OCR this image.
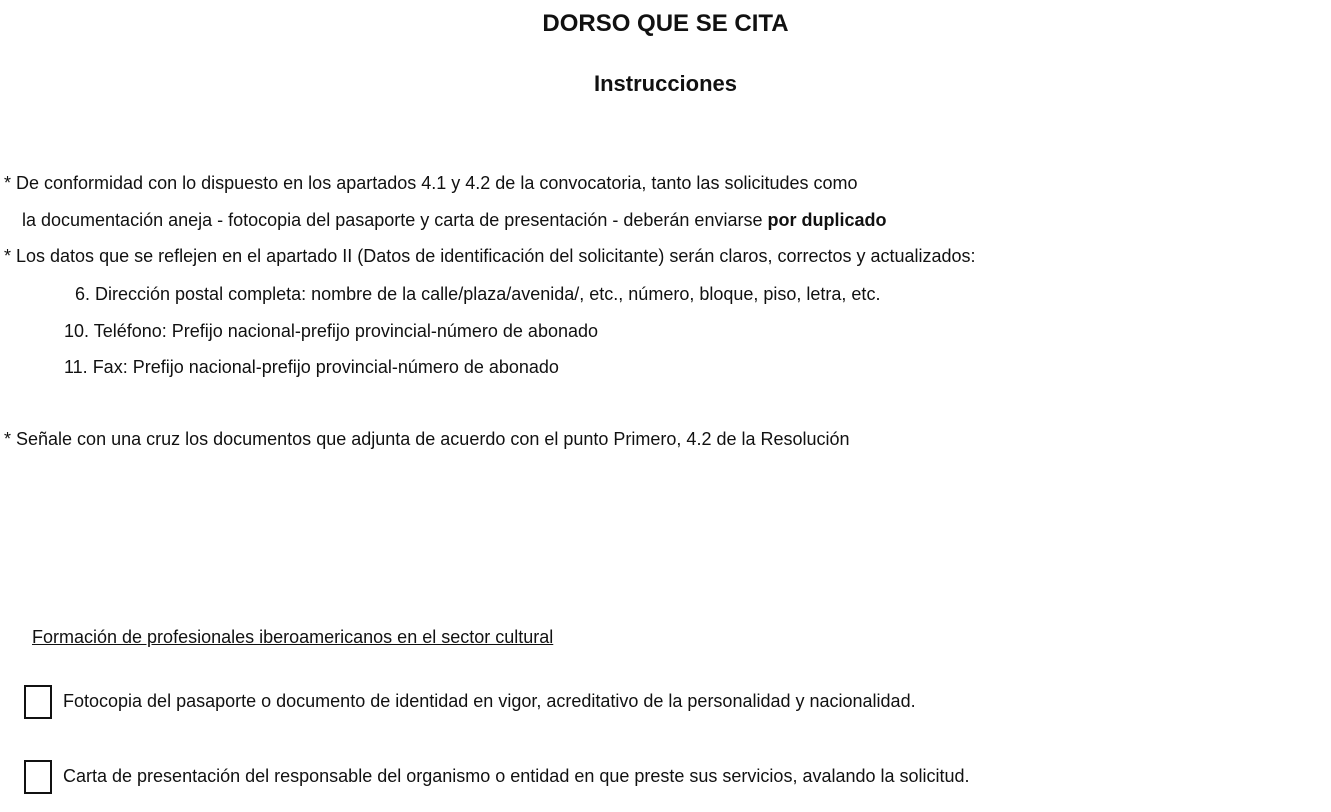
DORSO QUE SE CITA
Instrucciones
* De conformidad con lo dispuesto en los apartados 4.1 y 4.2 de la convocatoria, tanto las solicitudes como
la documentación aneja - fotocopia del pasaporte y carta de presentación - deberán enviarse por duplicado
* Los datos que se reflejen en el apartado II (Datos de identificación del solicitante) serán claros, correctos y actualizados:
6. Dirección postal completa: nombre de la calle/plaza/avenida/, etc., número, bloque, piso, letra, etc.
10. Teléfono: Prefijo nacional-prefijo provincial-número de abonado
11. Fax: Prefijo nacional-prefijo provincial-número de abonado
* Señale con una cruz los documentos que adjunta de acuerdo con el punto Primero, 4.2 de la Resolución
Formación de profesionales iberoamericanos en el sector cultural
Fotocopia del pasaporte o documento de identidad en vigor, acreditativo de la personalidad y nacionalidad.
Carta de presentación del responsable del organismo o entidad en que preste sus servicios, avalando la solicitud.
